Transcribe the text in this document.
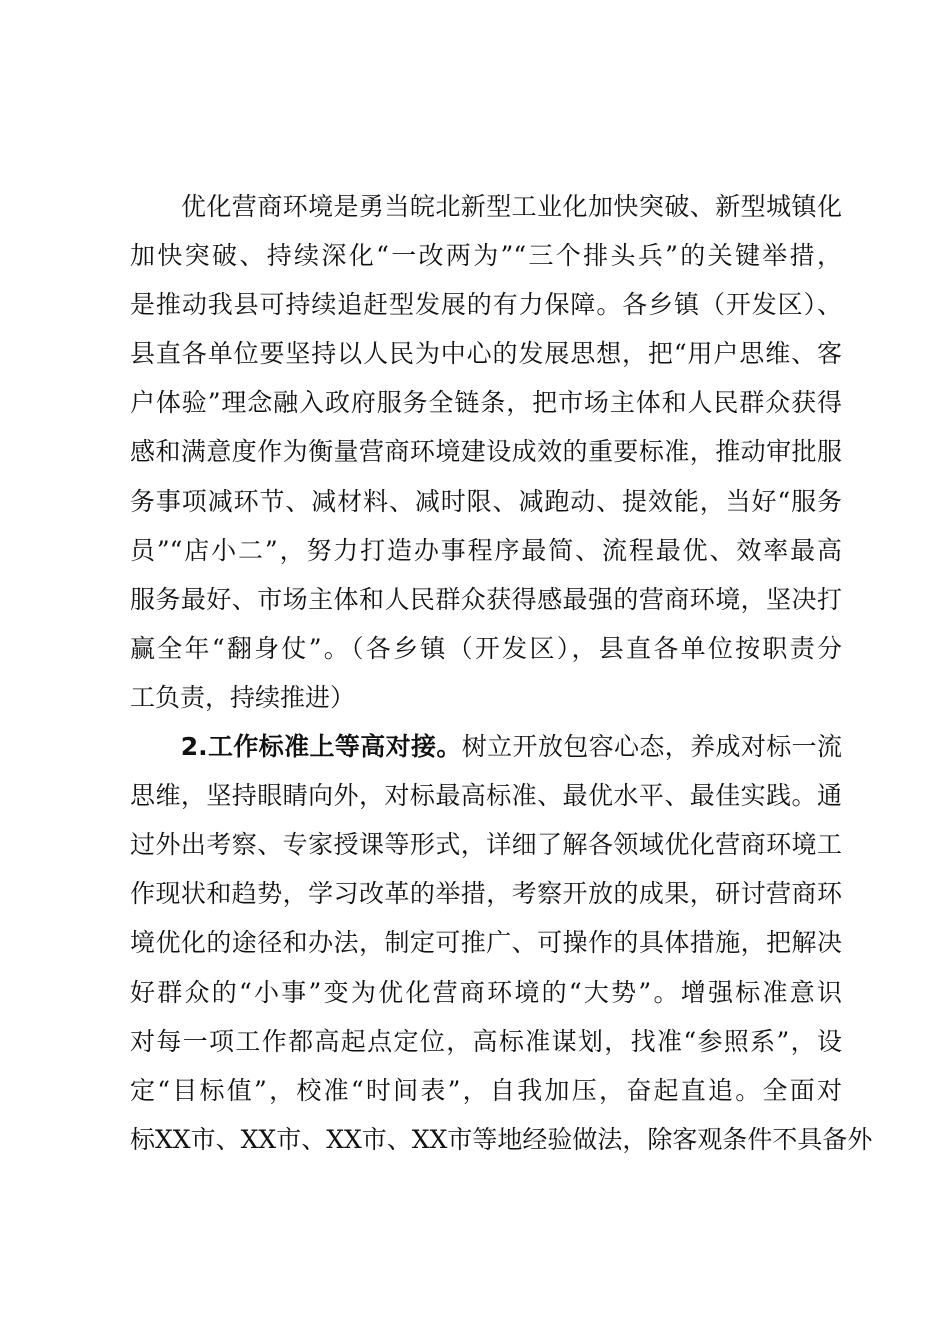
　　优化营商环境是勇当皖北新型工业化加快突破、新型城镇化
加快突破、持续深化“一改两为”“三个排头兵”的关键举措，
是推动我县可持续追赶型发展的有力保障。各乡镇（开发区）、
县直各单位要坚持以人民为中心的发展思想，把“用户思维、客
户体验”理念融入政府服务全链条，把市场主体和人民群众获得
感和满意度作为衡量营商环境建设成效的重要标准，推动审批服
务事项减环节、减材料、减时限、减跑动、提效能，当好“服务
员”“店小二”，努力打造办事程序最简、流程最优、效率最高
服务最好、市场主体和人民群众获得感最强的营商环境，坚决打
赢全年“翻身仗”。（各乡镇（开发区），县直各单位按职责分
工负责，持续推进）
　　2.工作标准上等高对接。树立开放包容心态，养成对标一流
思维，坚持眼睛向外，对标最高标准、最优水平、最佳实践。通
过外出考察、专家授课等形式，详细了解各领域优化营商环境工
作现状和趋势，学习改革的举措，考察开放的成果，研讨营商环
境优化的途径和办法，制定可推广、可操作的具体措施，把解决
好群众的“小事”变为优化营商环境的“大势”。增强标准意识
对每一项工作都高起点定位，高标准谋划，找准“参照系”，设
定“目标值”，校准“时间表”，自我加压，奋起直追。全面对
标XX市、XX市、XX市、XX市等地经验做法，除客观条件不具备外
